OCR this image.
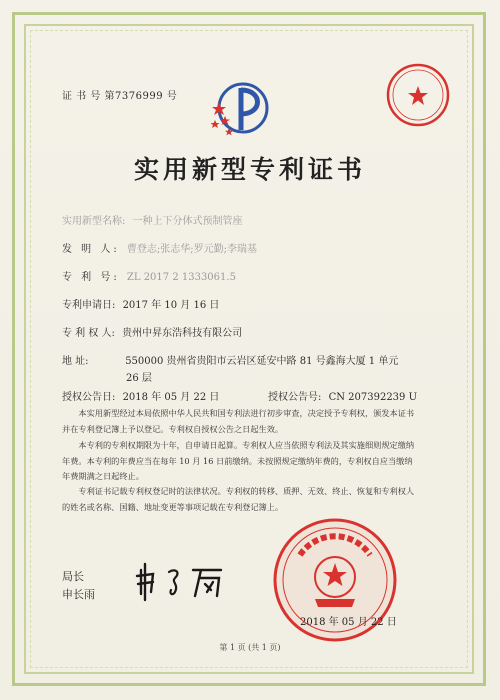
证 书 号 第7376999 号
实用新型专利证书
实用新型名称: 一种上下分体式预制管座
发 明 人: 曹登志;张志华;罗元勤;李瑞基
专 利 号: ZL 2017 2 1333061.5
专利申请日: 2017 年 10 月 16 日
专 利 权 人: 贵州中昇东浩科技有限公司
地 址:	550000 贵州省贵阳市云岩区延安中路 81 号鑫海大厦 1 单元
26 层
授权公告日: 2018 年 05 月 22 日	授权公告号: CN 207392239 U
本实用新型经过本局依照中华人民共和国专利法进行初步审查，决定授予专利权，颁发本证书并在专利登记簿上予以登记。专利权自授权公告之日起生效。
本专利的专利权期限为十年，自申请日起算。专利权人应当依照专利法及其实施细则规定缴纳年费。本专利的年费应当在每年 10 月 16 日前缴纳。未按照规定缴纳年费的，专利权自应当缴纳年费期满之日起终止。
专利证书记载专利权登记时的法律状况。专利权的转移、质押、无效、终止、恢复和专利权人的姓名或名称、国籍、地址变更等事项记载在专利登记簿上。
局长
申长雨
2018 年 05 月 22 日
第 1 页 (共 1 页)
